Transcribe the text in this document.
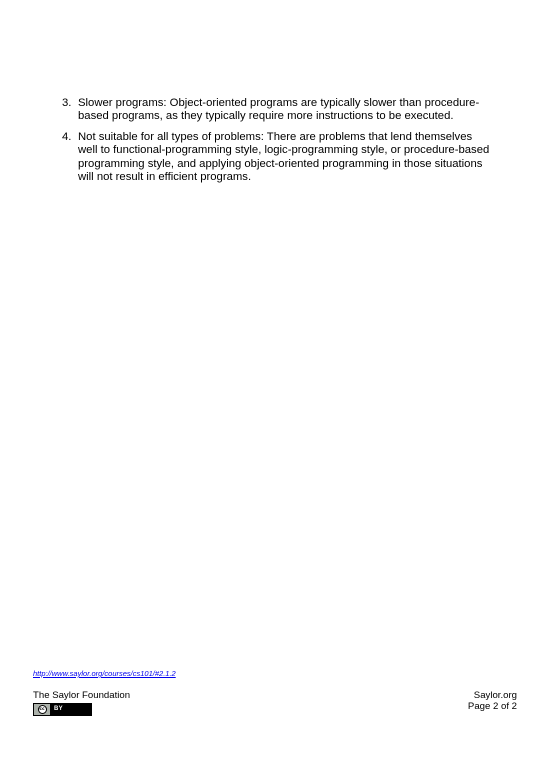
3. Slower programs: Object-oriented programs are typically slower than procedure-based programs, as they typically require more instructions to be executed.
4. Not suitable for all types of problems: There are problems that lend themselves well to functional-programming style, logic-programming style, or procedure-based programming style, and applying object-oriented programming in those situations will not result in efficient programs.
http://www.saylor.org/courses/cs101/#2.1.2
The Saylor Foundation
cc	BY
Saylor.org
Page 2 of 2
